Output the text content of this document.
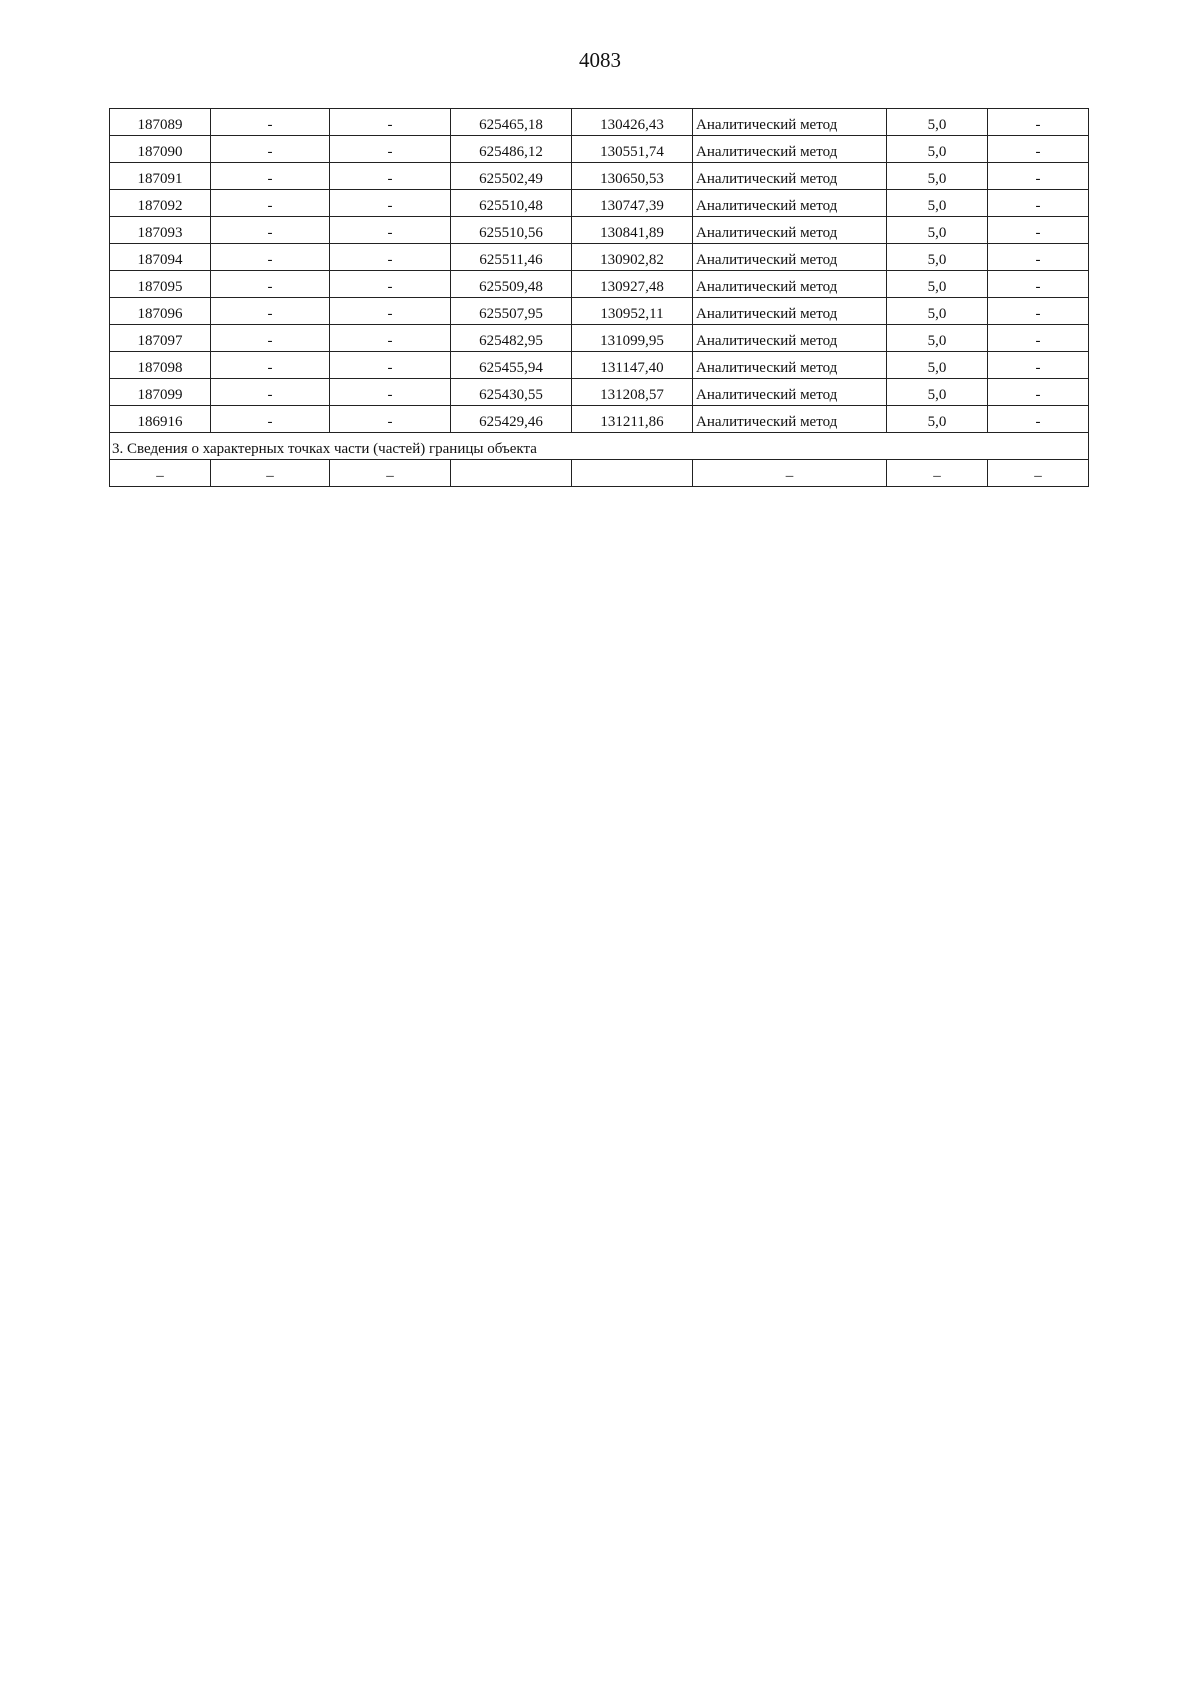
4083
187089	-	-	625465,18	130426,43	Аналитический метод	5,0	-
187090	-	-	625486,12	130551,74	Аналитический метод	5,0	-
187091	-	-	625502,49	130650,53	Аналитический метод	5,0	-
187092	-	-	625510,48	130747,39	Аналитический метод	5,0	-
187093	-	-	625510,56	130841,89	Аналитический метод	5,0	-
187094	-	-	625511,46	130902,82	Аналитический метод	5,0	-
187095	-	-	625509,48	130927,48	Аналитический метод	5,0	-
187096	-	-	625507,95	130952,11	Аналитический метод	5,0	-
187097	-	-	625482,95	131099,95	Аналитический метод	5,0	-
187098	-	-	625455,94	131147,40	Аналитический метод	5,0	-
187099	-	-	625430,55	131208,57	Аналитический метод	5,0	-
186916	-	-	625429,46	131211,86	Аналитический метод	5,0	-
3. Сведения о характерных точках части (частей) границы объекта							
–	–	–			–	–	–
